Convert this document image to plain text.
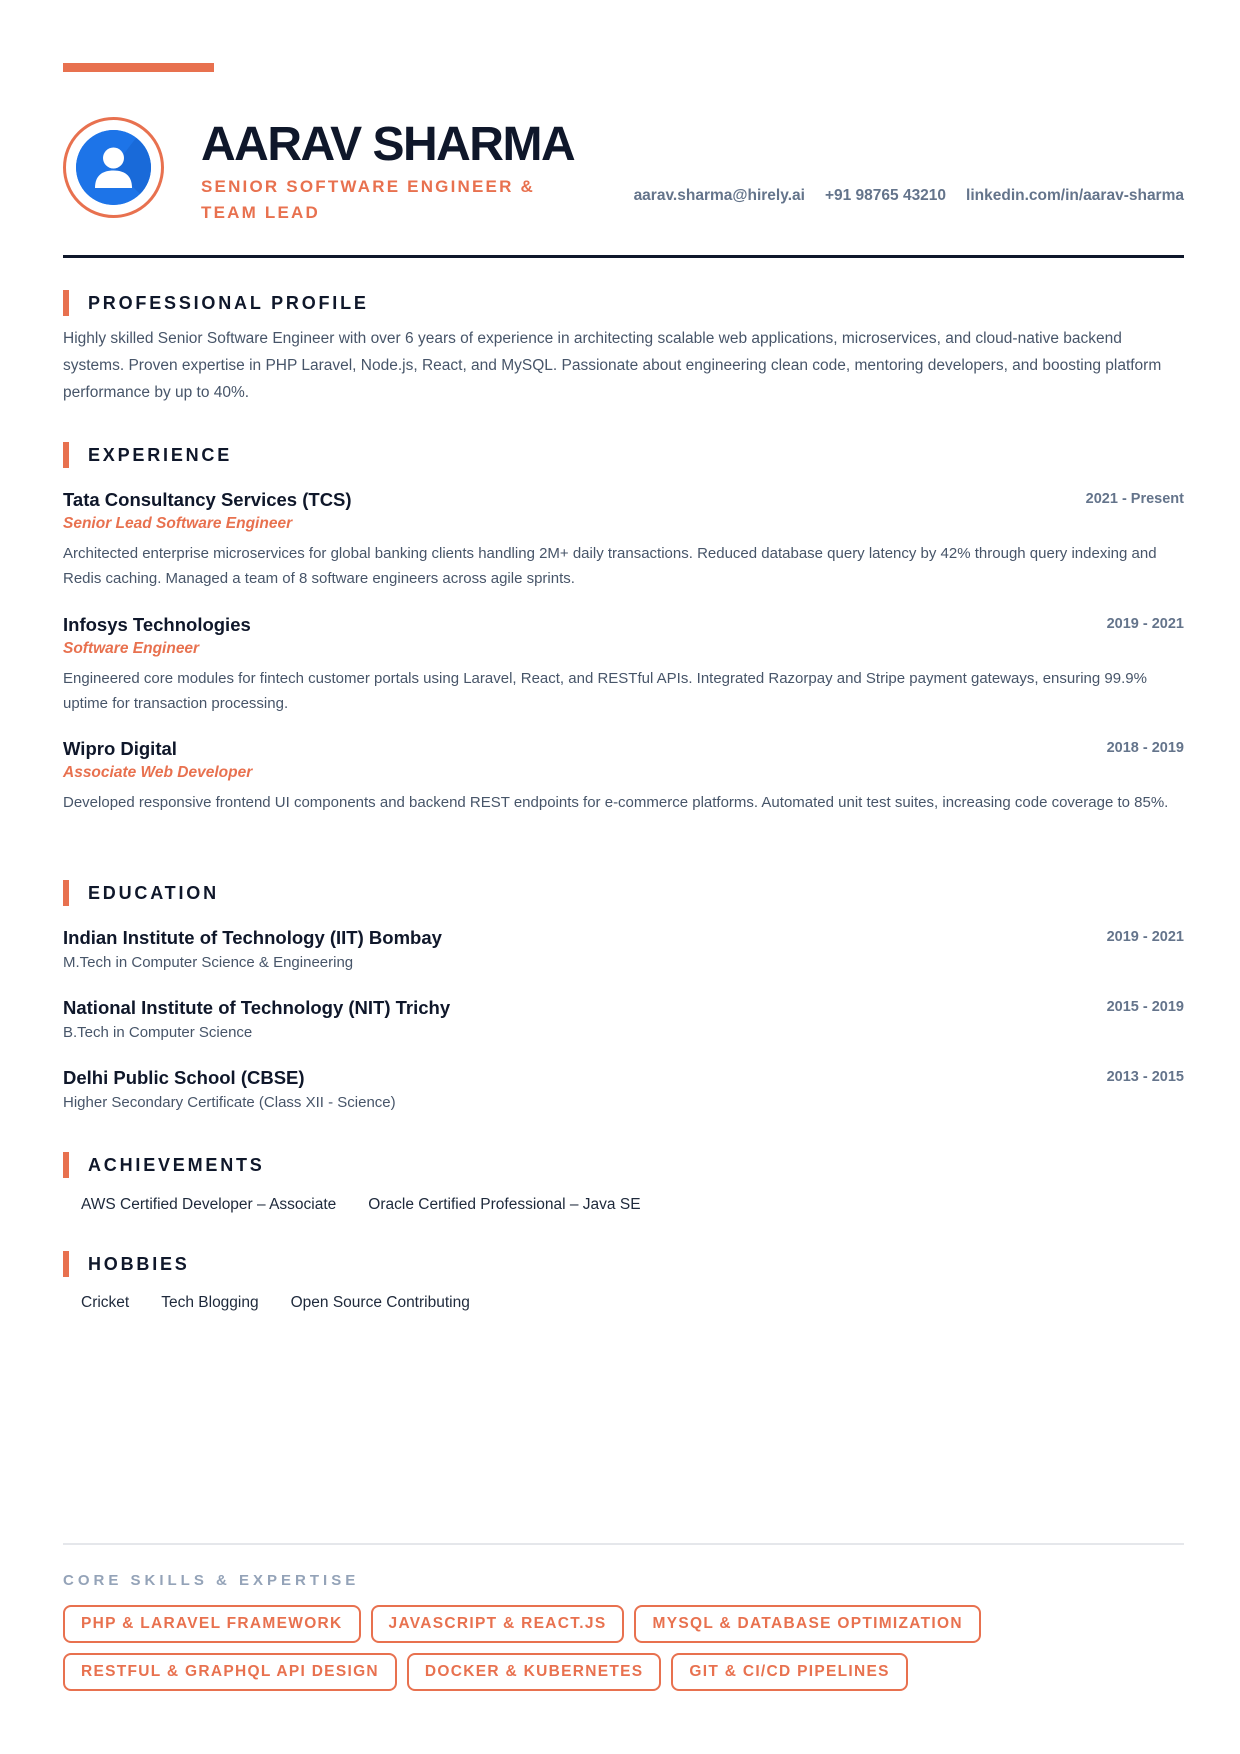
AARAV SHARMA
SENIOR SOFTWARE ENGINEER & TEAM LEAD
aarav.sharma@hirely.ai +91 98765 43210 linkedin.com/in/aarav-sharma
PROFESSIONAL PROFILE
Highly skilled Senior Software Engineer with over 6 years of experience in architecting scalable web applications, microservices, and cloud-native backend systems. Proven expertise in PHP Laravel, Node.js, React, and MySQL. Passionate about engineering clean code, mentoring developers, and boosting platform performance by up to 40%.
EXPERIENCE
Tata Consultancy Services (TCS)
Senior Lead Software Engineer
Architected enterprise microservices for global banking clients handling 2M+ daily transactions. Reduced database query latency by 42% through query indexing and Redis caching. Managed a team of 8 software engineers across agile sprints.
2021 - Present
Infosys Technologies
Software Engineer
Engineered core modules for fintech customer portals using Laravel, React, and RESTful APIs. Integrated Razorpay and Stripe payment gateways, ensuring 99.9% uptime for transaction processing.
2019 - 2021
Wipro Digital
Associate Web Developer
Developed responsive frontend UI components and backend REST endpoints for e-commerce platforms. Automated unit test suites, increasing code coverage to 85%.
2018 - 2019
EDUCATION
Indian Institute of Technology (IIT) Bombay
M.Tech in Computer Science & Engineering
2019 - 2021
National Institute of Technology (NIT) Trichy
B.Tech in Computer Science
2015 - 2019
Delhi Public School (CBSE)
Higher Secondary Certificate (Class XII - Science)
2013 - 2015
ACHIEVEMENTS
AWS Certified Developer – Associate Oracle Certified Professional – Java SE
HOBBIES
Cricket Tech Blogging Open Source Contributing
CORE SKILLS & EXPERTISE
PHP & LARAVEL FRAMEWORK	JAVASCRIPT & REACT.JS	MYSQL & DATABASE OPTIMIZATION
RESTFUL & GRAPHQL API DESIGN	DOCKER & KUBERNETES	GIT & CI/CD PIPELINES
